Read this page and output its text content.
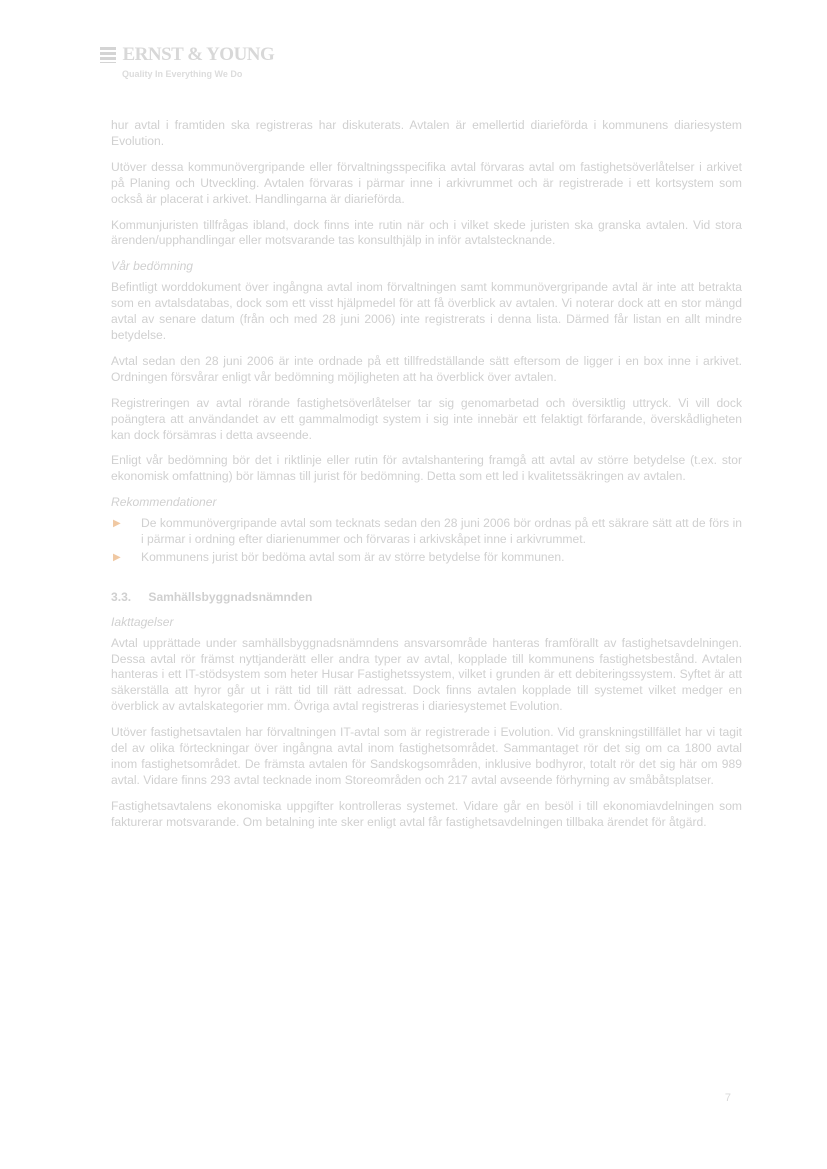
ERNST & YOUNG
Quality In Everything We Do

hur avtal i framtiden ska registreras har diskuterats. Avtalen är emellertid diarieförda i kommunens diariesystem Evolution.

Utöver dessa kommunövergripande eller förvaltningsspecifika avtal förvaras avtal om fastighetsöverlåtelser i arkivet på Planing och Utveckling. Avtalen förvaras i pärmar inne i arkivrummet och är registrerade i ett kortsystem som också är placerat i arkivet. Handlingarna är diarieförda.

Kommunjuristen tillfrågas ibland, dock finns inte rutin när och i vilket skede juristen ska granska avtalen. Vid stora ärenden/upphandlingar eller motsvarande tas konsulthjälp in inför avtalstecknande.

Vår bedömning

Befintligt worddokument över ingångna avtal inom förvaltningen samt kommunövergripande avtal är inte att betrakta som en avtalsdatabas, dock som ett visst hjälpmedel för att få överblick av avtalen. Vi noterar dock att en stor mängd avtal av senare datum (från och med 28 juni 2006) inte registrerats i denna lista. Därmed får listan en allt mindre betydelse.

Avtal sedan den 28 juni 2006 är inte ordnade på ett tillfredställande sätt eftersom de ligger i en box inne i arkivet. Ordningen försvårar enligt vår bedömning möjligheten att ha överblick över avtalen.

Registreringen av avtal rörande fastighetsöverlåtelser tar sig genomarbetad och översiktlig uttryck. Vi vill dock poängtera att användandet av ett gammalmodigt system i sig inte innebär ett felaktigt förfarande, överskådligheten kan dock försämras i detta avseende.

Enligt vår bedömning bör det i riktlinje eller rutin för avtalshantering framgå att avtal av större betydelse (t.ex. stor ekonomisk omfattning) bör lämnas till jurist för bedömning. Detta som ett led i kvalitetssäkringen av avtalen.

Rekommendationer
▶ De kommunövergripande avtal som tecknats sedan den 28 juni 2006 bör ordnas på ett säkrare sätt att de förs in i pärmar i ordning efter diarienummer och förvaras i arkivskåpet inne i arkivrummet.
▶ Kommunens jurist bör bedöma avtal som är av större betydelse för kommunen.
3.3. Samhällsbyggnadsnämnden
Iakttagelser

Avtal upprättade under samhällsbyggnadsnämndens ansvarsområde hanteras framförallt av fastighetsavdelningen. Dessa avtal rör främst nyttjanderätt eller andra typer av avtal, kopplade till kommunens fastighetsbestånd. Avtalen hanteras i ett IT-stödsystem som heter Husar Fastighetssystem, vilket i grunden är ett debiteringssystem. Syftet är att säkerställa att hyror går ut i rätt tid till rätt adressat. Dock finns avtalen kopplade till systemet vilket medger en överblick av avtalskategorier mm. Övriga avtal registreras i diariesystemet Evolution.

Utöver fastighetsavtalen har förvaltningen IT-avtal som är registrerade i Evolution. Vid granskningstillfället har vi tagit del av olika förteckningar över ingångna avtal inom fastighetsområdet. Sammantaget rör det sig om ca 1800 avtal inom fastighetsområdet. De främsta avtalen för Sandskogsområden, inklusive bodhyror, totalt rör det sig här om 989 avtal. Vidare finns 293 avtal tecknade inom Storeområden och 217 avtal avseende förhyrning av småbåtsplatser.

Fastighetsavtalens ekonomiska uppgifter kontrolleras systemet. Vidare går en besöl i till ekonomiavdelningen som fakturerar motsvarande. Om betalning inte sker enligt avtal får fastighetsavdelningen tillbaka ärendet för åtgärd.

7
